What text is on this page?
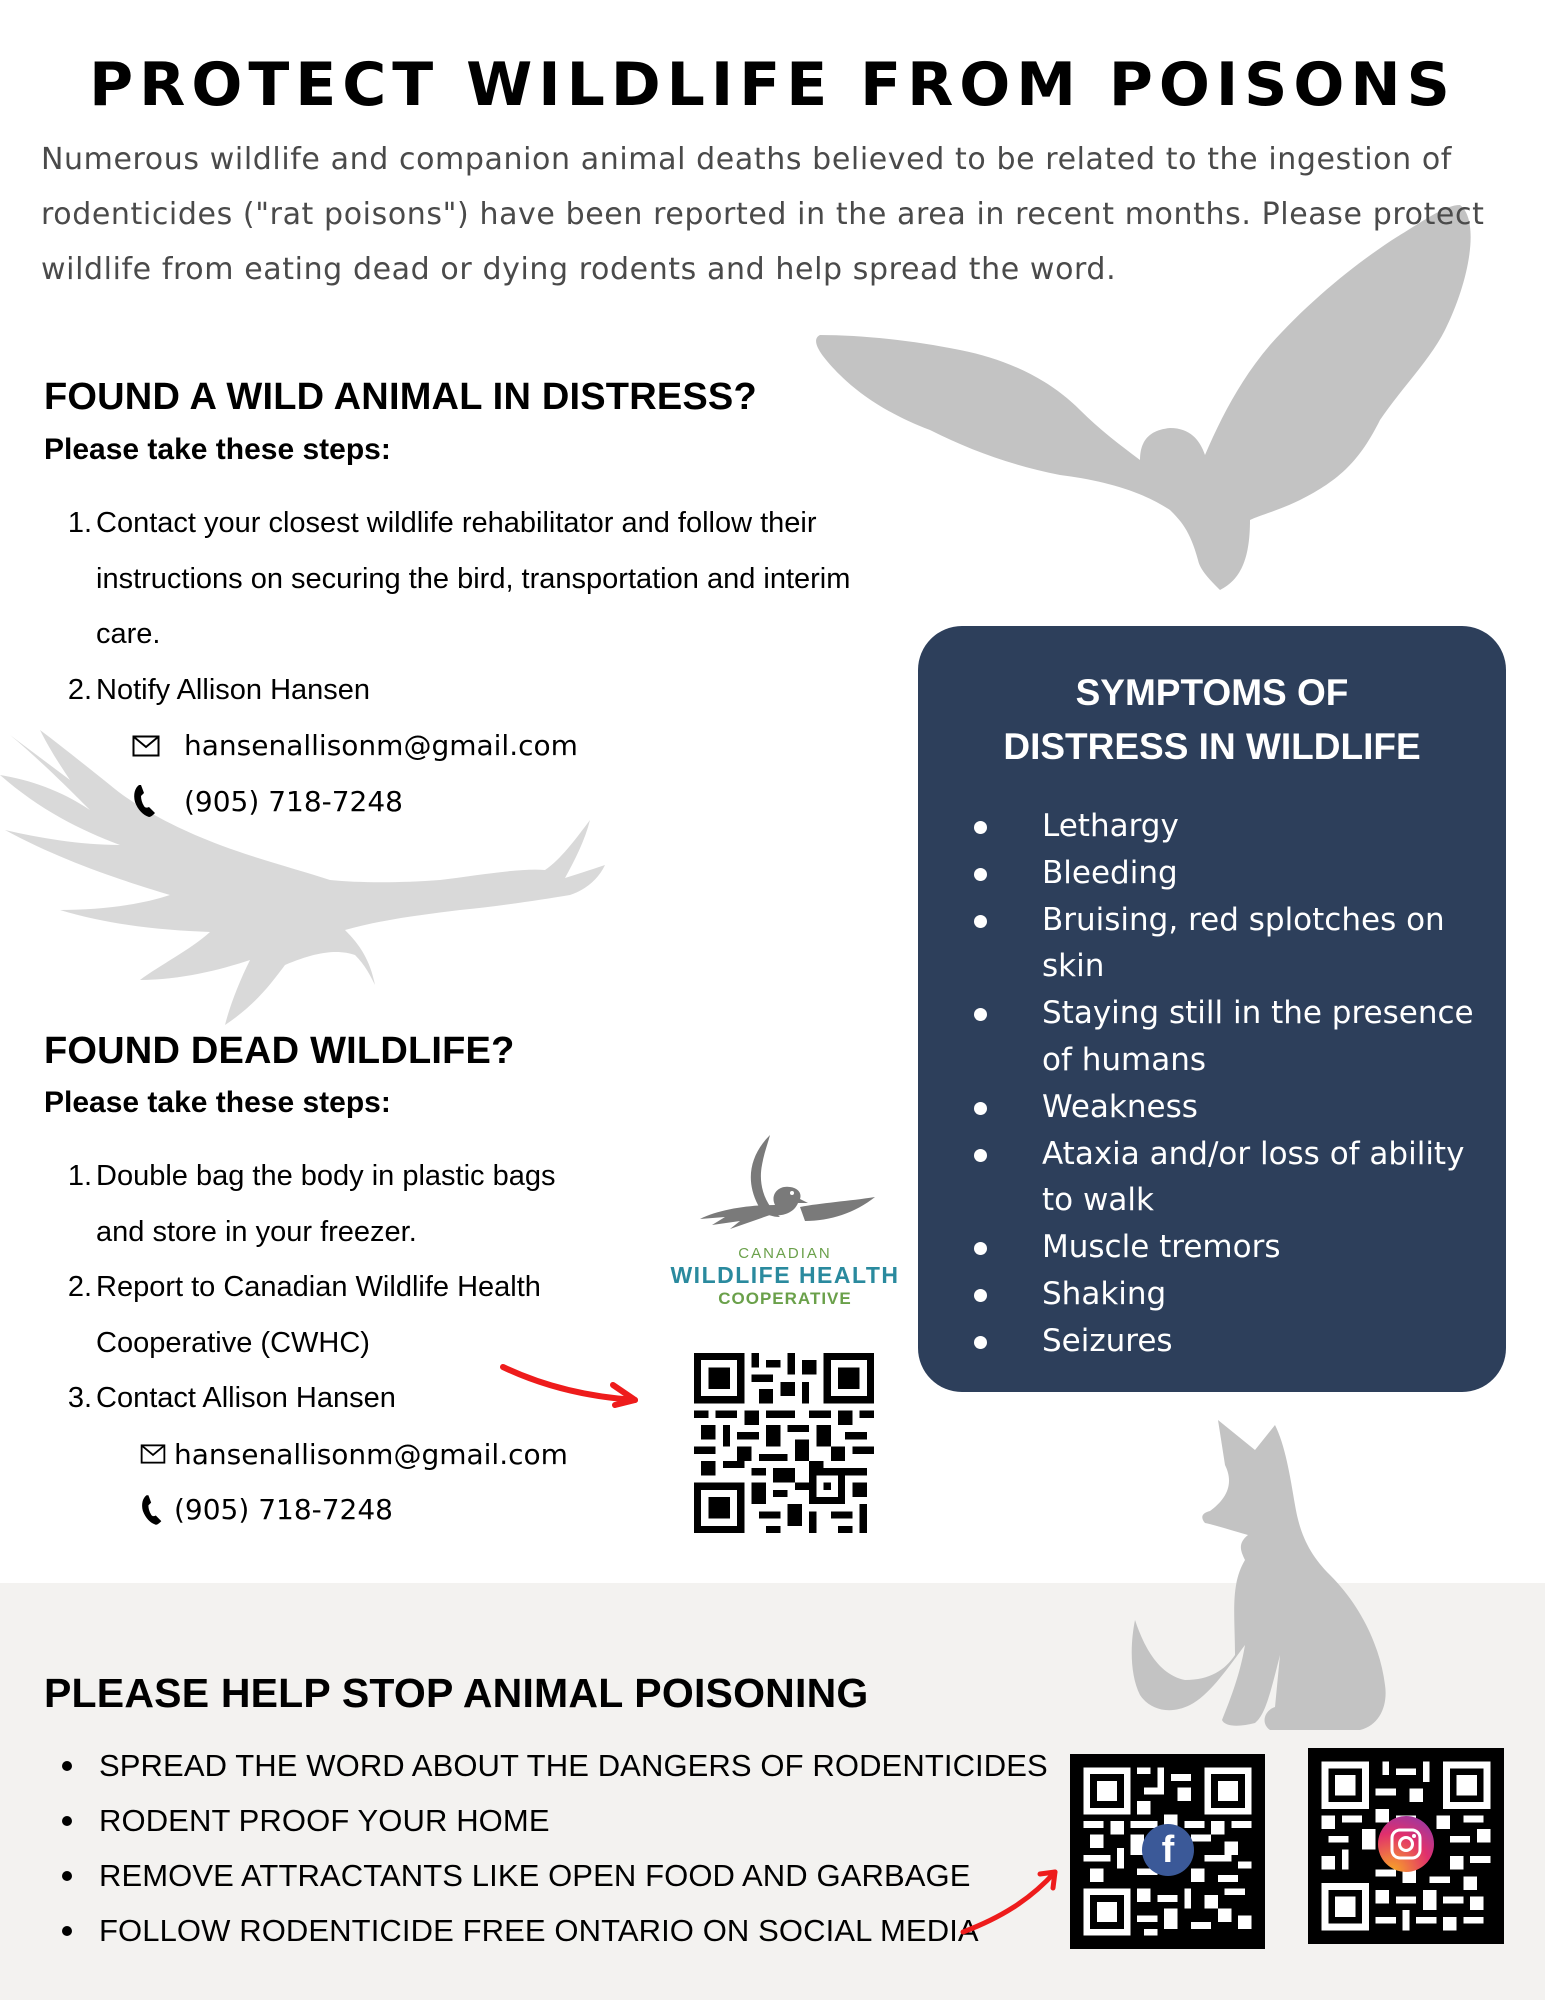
PROTECT WILDLIFE FROM POISONS

Numerous wildlife and companion animal deaths believed to be related to the ingestion of rodenticides ("rat poisons") have been reported in the area in recent months. Please protect wildlife from eating dead or dying rodents and help spread the word.

FOUND A WILD ANIMAL IN DISTRESS?
Please take these steps:
1. Contact your closest wildlife rehabilitator and follow their instructions on securing the bird, transportation and interim care.
2. Notify Allison Hansen
hansenallisonm@gmail.com
(905) 718-7248
FOUND DEAD WILDLIFE?
Please take these steps:
1. Double bag the body in plastic bags and store in your freezer.
2. Report to Canadian Wildlife Health Cooperative (CWHC)
3. Contact Allison Hansen
hansenallisonm@gmail.com
(905) 718-7248
CANADIAN
WILDLIFE HEALTH
COOPERATIVE
SYMPTOMS OF DISTRESS IN WILDLIFE
Lethargy
Bleeding
Bruising, red splotches on skin
Staying still in the presence of humans
Weakness
Ataxia and/or loss of ability to walk
Muscle tremors
Shaking
Seizures
PLEASE HELP STOP ANIMAL POISONING
SPREAD THE WORD ABOUT THE DANGERS OF RODENTICIDES
RODENT PROOF YOUR HOME
REMOVE ATTRACTANTS LIKE OPEN FOOD AND GARBAGE
FOLLOW RODENTICIDE FREE ONTARIO ON SOCIAL MEDIA
f
